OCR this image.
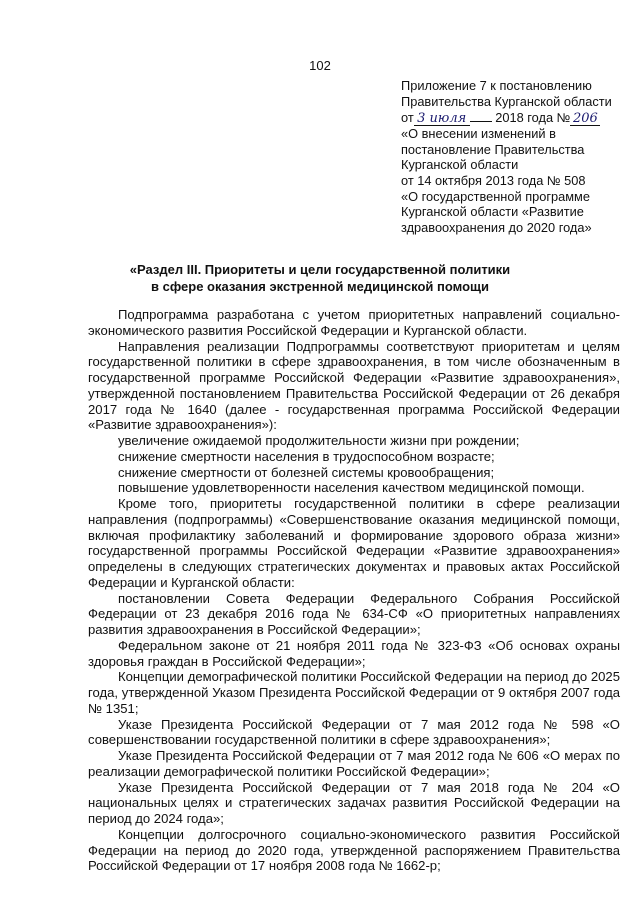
102
Приложение 7 к постановлению
Правительства Курганской области
от 3 июля 2018 года № 206
«О внесении изменений в
постановление Правительства
Курганской области
от 14 октября 2013 года № 508
«О государственной программе
Курганской области «Развитие
здравоохранения до 2020 года»
«Раздел III. Приоритеты и цели государственной политики
в сфере оказания экстренной медицинской помощи

Подпрограмма разработана с учетом приоритетных направлений социально-экономического развития Российской Федерации и Курганской области.

Направления реализации Подпрограммы соответствуют приоритетам и целям государственной политики в сфере здравоохранения, в том числе обозначенным в государственной программе Российской Федерации «Развитие здравоохранения», утвержденной постановлением Правительства Российской Федерации от 26 декабря 2017 года № 1640 (далее - государственная программа Российской Федерации «Развитие здравоохранения»):

увеличение ожидаемой продолжительности жизни при рождении;

снижение смертности населения в трудоспособном возрасте;

снижение смертности от болезней системы кровообращения;

повышение удовлетворенности населения качеством медицинской помощи.

Кроме того, приоритеты государственной политики в сфере реализации направления (подпрограммы) «Совершенствование оказания медицинской помощи, включая профилактику заболеваний и формирование здорового образа жизни» государственной программы Российской Федерации «Развитие здравоохранения» определены в следующих стратегических документах и правовых актах Российской Федерации и Курганской области:

постановлении Совета Федерации Федерального Собрания Российской Федерации от 23 декабря 2016 года № 634-СФ «О приоритетных направлениях развития здравоохранения в Российской Федерации»;

Федеральном законе от 21 ноября 2011 года № 323-ФЗ «Об основах охраны здоровья граждан в Российской Федерации»;

Концепции демографической политики Российской Федерации на период до 2025 года, утвержденной Указом Президента Российской Федерации от 9 октября 2007 года № 1351;

Указе Президента Российской Федерации от 7 мая 2012 года № 598 «О совершенствовании государственной политики в сфере здравоохранения»;

Указе Президента Российской Федерации от 7 мая 2012 года № 606 «О мерах по реализации демографической политики Российской Федерации»;

Указе Президента Российской Федерации от 7 мая 2018 года № 204 «О национальных целях и стратегических задачах развития Российской Федерации на период до 2024 года»;

Концепции долгосрочного социально-экономического развития Российской Федерации на период до 2020 года, утвержденной распоряжением Правительства Российской Федерации от 17 ноября 2008 года № 1662-р;
